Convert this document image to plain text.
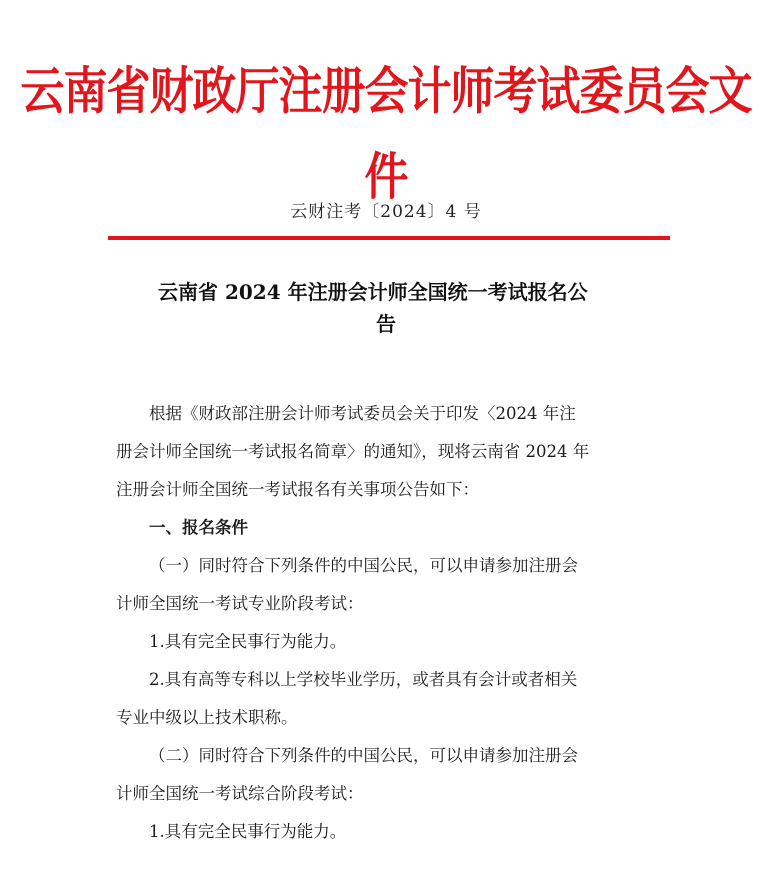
云南省财政厅注册会计师考试委员会文件
云财注考〔2024〕4 号
云南省 2024 年注册会计师全国统一考试报名公
告

根据《财政部注册会计师考试委员会关于印发〈2024 年注

册会计师全国统一考试报名简章〉的通知》，现将云南省 2024 年

注册会计师全国统一考试报名有关事项公告如下：

一、报名条件

（一）同时符合下列条件的中国公民，可以申请参加注册会

计师全国统一考试专业阶段考试：

1.具有完全民事行为能力。

2.具有高等专科以上学校毕业学历，或者具有会计或者相关

专业中级以上技术职称。

（二）同时符合下列条件的中国公民，可以申请参加注册会

计师全国统一考试综合阶段考试：

1.具有完全民事行为能力。
